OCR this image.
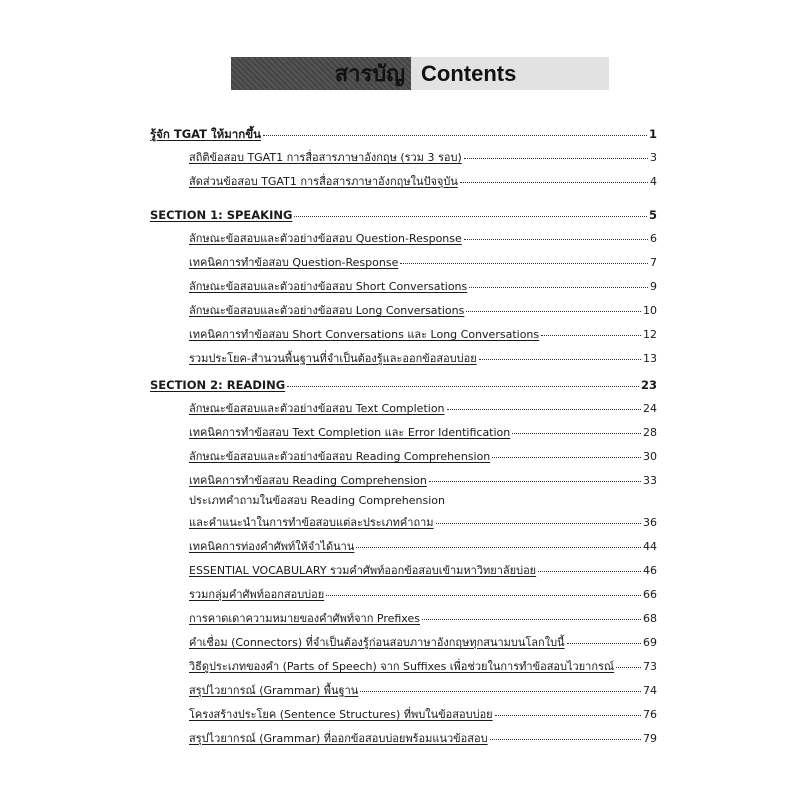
สารบัญ Contents
รู้จัก TGAT ให้มากขึ้น	1
สถิติข้อสอบ TGAT1 การสื่อสารภาษาอังกฤษ (รวม 3 รอบ)	3
สัดส่วนข้อสอบ TGAT1 การสื่อสารภาษาอังกฤษในปัจจุบัน	4
SECTION 1: SPEAKING	5
ลักษณะข้อสอบและตัวอย่างข้อสอบ Question-Response	6
เทคนิคการทำข้อสอบ Question-Response	7
ลักษณะข้อสอบและตัวอย่างข้อสอบ Short Conversations	9
ลักษณะข้อสอบและตัวอย่างข้อสอบ Long Conversations	10
เทคนิคการทำข้อสอบ Short Conversations และ Long Conversations	12
รวมประโยค-สำนวนพื้นฐานที่จำเป็นต้องรู้และออกข้อสอบบ่อย	13
SECTION 2: READING	23
ลักษณะข้อสอบและตัวอย่างข้อสอบ Text Completion	24
เทคนิคการทำข้อสอบ Text Completion และ Error Identification	28
ลักษณะข้อสอบและตัวอย่างข้อสอบ Reading Comprehension	30
เทคนิคการทำข้อสอบ Reading Comprehension	33
ประเภทคำถามในข้อสอบ Reading Comprehension
และคำแนะนำในการทำข้อสอบแต่ละประเภทคำถาม	36
เทคนิคการท่องคำศัพท์ให้จำได้นาน	44
ESSENTIAL VOCABULARY รวมคำศัพท์ออกข้อสอบเข้ามหาวิทยาลัยบ่อย	46
รวมกลุ่มคำศัพท์ออกสอบบ่อย	66
การคาดเดาความหมายของคำศัพท์จาก Prefixes	68
คำเชื่อม (Connectors) ที่จำเป็นต้องรู้ก่อนสอบภาษาอังกฤษทุกสนามบนโลกใบนี้	69
วิธีดูประเภทของคำ (Parts of Speech) จาก Suffixes เพื่อช่วยในการทำข้อสอบไวยากรณ์	73
สรุปไวยากรณ์ (Grammar) พื้นฐาน	74
โครงสร้างประโยค (Sentence Structures) ที่พบในข้อสอบบ่อย	76
สรุปไวยากรณ์ (Grammar) ที่ออกข้อสอบบ่อยพร้อมแนวข้อสอบ	79
